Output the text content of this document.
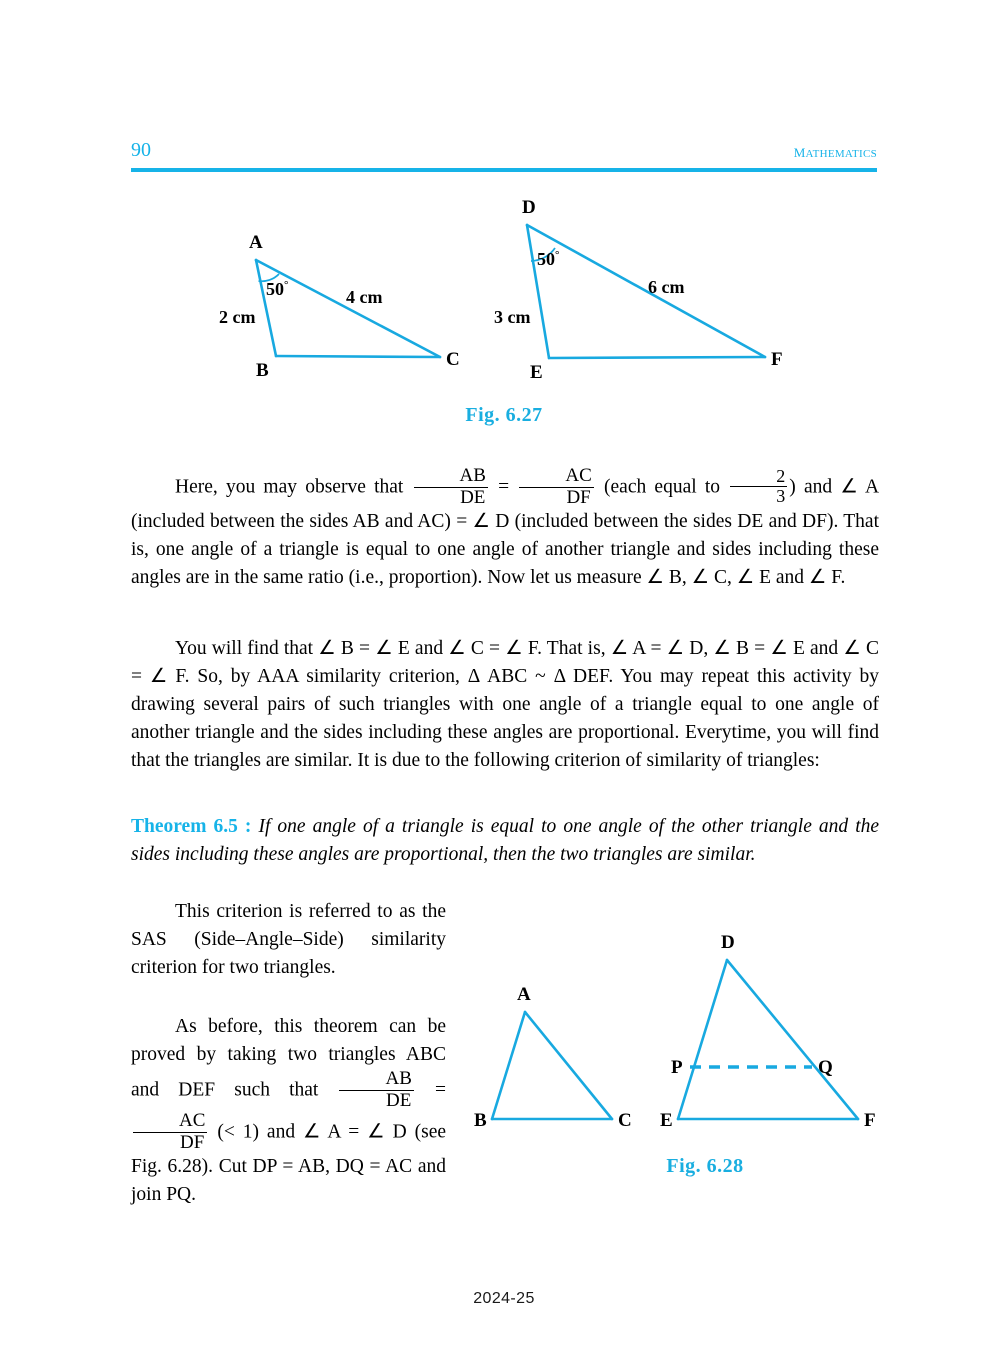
90	mathematics
A
B
C
50°
2 cm
4 cm
D
E
F
50°
3 cm
6 cm
Fig. 6.27
Here, you may observe that $\frac{AB}{DE} = \frac{AC}{DF}$ (each equal to $\frac{2}{3}$ ) and ∠ A (included between the sides AB and AC) = ∠ D (included between the sides DE and DF). That is, one angle of a triangle is equal to one angle of another triangle and sides including these angles are in the same ratio (i.e., proportion). Now let us measure ∠ B, ∠ C, ∠ E and ∠ F.
You will find that ∠ B = ∠ E and ∠ C = ∠ F. That is, ∠ A = ∠ D, ∠ B = ∠ E and ∠ C = ∠ F. So, by AAA similarity criterion, Δ ABC ~ Δ DEF. You may repeat this activity by drawing several pairs of such triangles with one angle of a triangle equal to one angle of another triangle and the sides including these angles are proportional. Everytime, you will find that the triangles are similar. It is due to the following criterion of similarity of triangles:
Theorem 6.5 : If one angle of a triangle is equal to one angle of the other triangle and the sides including these angles are proportional, then the two triangles are similar.
This criterion is referred to as the SAS (Side–Angle–Side) similarity criterion for two triangles.
As before, this theorem can be proved by taking two triangles ABC and DEF such that $\frac{AB}{DE}$ =
$\frac{AC}{DF}$ (< 1) and ∠ A = ∠ D (see Fig. 6.28). Cut DP = AB, DQ = AC and join PQ.
A
B	C
D
E	F
P	Q
Fig. 6.28
2024-25
